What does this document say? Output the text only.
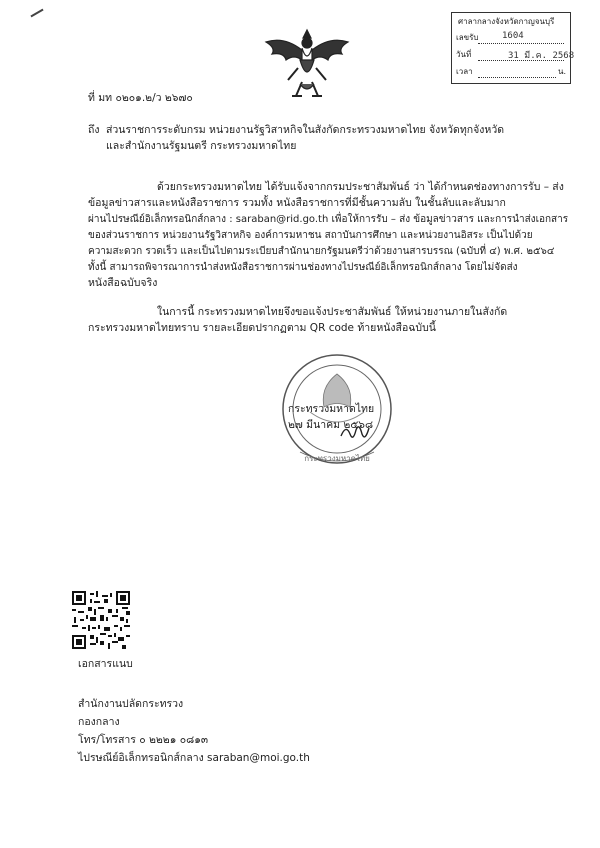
ศาลากลางจังหวัดกาญจนบุรี
เลขรับ	1604
วันที่	31 มี.ค. 2568
เวลา	น.
ที่ มท ๐๒๐๑.๒/ว ๒๖๗๐
ถึง ส่วนราชการระดับกรม หน่วยงานรัฐวิสาหกิจในสังกัดกระทรวงมหาดไทย จังหวัดทุกจังหวัด
และสำนักงานรัฐมนตรี กระทรวงมหาดไทย
ด้วยกระทรวงมหาดไทย ได้รับแจ้งจากกรมประชาสัมพันธ์ ว่า ได้กำหนดช่องทางการรับ – ส่ง
ข้อมูลข่าวสารและหนังสือราชการ รวมทั้ง หนังสือราชการที่มีชั้นความลับ ในชั้นลับและลับมาก
ผ่านไปรษณีย์อิเล็กทรอนิกส์กลาง : saraban@rid.go.th เพื่อให้การรับ – ส่ง ข้อมูลข่าวสาร และการนำส่งเอกสาร
ของส่วนราชการ หน่วยงานรัฐวิสาหกิจ องค์การมหาชน สถาบันการศึกษา และหน่วยงานอิสระ เป็นไปด้วย
ความสะดวก รวดเร็ว และเป็นไปตามระเบียบสำนักนายกรัฐมนตรีว่าด้วยงานสารบรรณ (ฉบับที่ ๔) พ.ศ. ๒๕๖๔
ทั้งนี้ สามารถพิจารณาการนำส่งหนังสือราชการผ่านช่องทางไปรษณีย์อิเล็กทรอนิกส์กลาง โดยไม่จัดส่ง
หนังสือฉบับจริง
ในการนี้ กระทรวงมหาดไทยจึงขอแจ้งประชาสัมพันธ์ ให้หน่วยงานภายในสังกัด
กระทรวงมหาดไทยทราบ รายละเอียดปรากฏตาม QR code ท้ายหนังสือฉบับนี้
กระทรวงมหาดไทย
กระทรวงมหาดไทย
๒๗ มีนาคม ๒๕๖๘
เอกสารแนบ
สำนักงานปลัดกระทรวง
กองกลาง
โทร/โทรสาร ๐ ๒๒๒๑ ๐๘๑๓
ไปรษณีย์อิเล็กทรอนิกส์กลาง saraban@moi.go.th
